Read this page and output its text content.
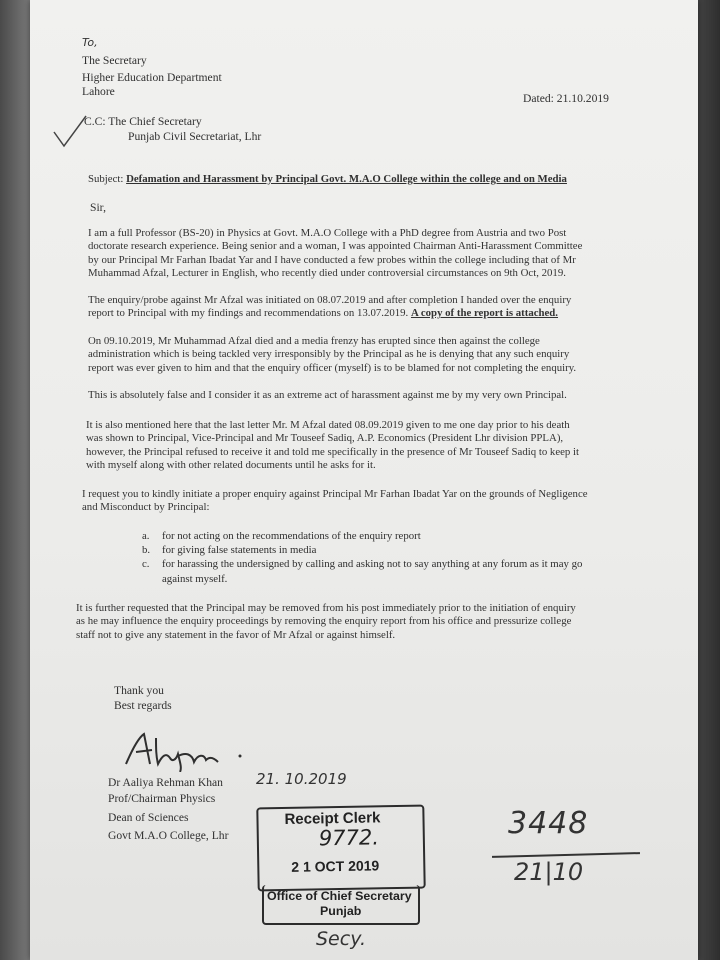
To,
The Secretary
Higher Education Department
Lahore
Dated: 21.10.2019
C.C: The Chief Secretary
Punjab Civil Secretariat, Lhr
Subject: Defamation and Harassment by Principal Govt. M.A.O College within the college and on Media
Sir,
I am a full Professor (BS-20) in Physics at Govt. M.A.O College with a PhD degree from Austria and two Post
doctorate research experience. Being senior and a woman, I was appointed Chairman Anti-Harassment Committee
by our Principal Mr Farhan Ibadat Yar and I have conducted a few probes within the college including that of Mr
Muhammad Afzal, Lecturer in English, who recently died under controversial circumstances on 9th Oct, 2019.
The enquiry/probe against Mr Afzal was initiated on 08.07.2019 and after completion I handed over the enquiry
report to Principal with my findings and recommendations on 13.07.2019. A copy of the report is attached.
On 09.10.2019, Mr Muhammad Afzal died and a media frenzy has erupted since then against the college
administration which is being tackled very irresponsibly by the Principal as he is denying that any such enquiry
report was ever given to him and that the enquiry officer (myself) is to be blamed for not completing the enquiry.
This is absolutely false and I consider it as an extreme act of harassment against me by my very own Principal.
It is also mentioned here that the last letter Mr. M Afzal dated 08.09.2019 given to me one day prior to his death
was shown to Principal, Vice-Principal and Mr Touseef Sadiq, A.P. Economics (President Lhr division PPLA),
however, the Principal refused to receive it and told me specifically in the presence of Mr Touseef Sadiq to keep it
with myself along with other related documents until he asks for it.
I request you to kindly initiate a proper enquiry against Principal Mr Farhan Ibadat Yar on the grounds of Negligence
and Misconduct by Principal:
a. for not acting on the recommendations of the enquiry report
b. for giving false statements in media
c. for harassing the undersigned by calling and asking not to say anything at any forum as it may go
against myself.
It is further requested that the Principal may be removed from his post immediately prior to the initiation of enquiry
as he may influence the enquiry proceedings by removing the enquiry report from his office and pressurize college
staff not to give any statement in the favor of Mr Afzal or against himself.
Thank you
Best regards
Dr Aaliya Rehman Khan 21. 10.2019
Prof/Chairman Physics
Dean of Sciences
Govt M.A.O College, Lhr
Receipt Clerk
9772.
2 1 OCT 2019
Office of Chief Secretary
Punjab
Secy.
3448
21|10
